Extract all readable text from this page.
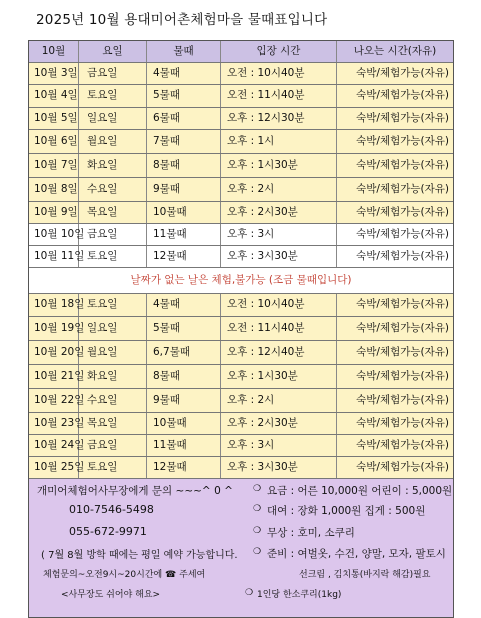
2025년 10월 용대미어촌체험마을 물때표입니다
10월	요일	물때	입장 시간	나오는 시간(자유)
10월 3일 금요일	4물때	오전 : 10시40분	숙박/체험가능(자유)
10월 4일 토요일	5물때	오전 : 11시40분	숙박/체험가능(자유)
10월 5일 일요일	6물때	오후 : 12시30분	숙박/체험가능(자유)
10월 6일 월요일	7물때	오후 : 1시	숙박/체험가능(자유)
10월 7일 화요일	8물때	오후 : 1시30분	숙박/체험가능(자유)
10월 8일 수요일	9물때	오후 : 2시	숙박/체험가능(자유)
10월 9일 목요일	10물때	오후 : 2시30분	숙박/체험가능(자유)
10월 10일 금요일	11물때	오후 : 3시	숙박/체험가능(자유)
10월 11일 토요일	12물때	오후 : 3시30분	숙박/체험가능(자유)
날짜가 없는 날은 체험,불가능 (조금 물때입니다)
10월 18일 토요일	4물때	오전 : 10시40분	숙박/체험가능(자유)
10월 19일 일요일	5물때	오전 : 11시40분	숙박/체험가능(자유)
10월 20일 월요일	6,7물때	오후 : 12시40분	숙박/체험가능(자유)
10월 21일 화요일	8물때	오후 : 1시30분	숙박/체험가능(자유)
10월 22일 수요일	9물때	오후 : 2시	숙박/체험가능(자유)
10월 23일 목요일	10물때	오후 : 2시30분	숙박/체험가능(자유)
10월 24일 금요일	11물때	오후 : 3시	숙박/체험가능(자유)
10월 25일 토요일	12물때	오후 : 3시30분	숙박/체험가능(자유)
개미어체험어사무장에게 문의 ~~~^ 0 ^
010-7546-5498
055-672-9971
( 7월 8월 방학 때에는 평일 예약 가능합니다.
체험문의~오전9시~20시간에 ☎ 주세여
<사무장도 쉬어야 해요>
❍ 요금 : 어른 10,000원 어린이 : 5,000원
❍ 대여 : 장화 1,000원 집게 : 500원
❍ 무상 : 호미, 소쿠리
❍ 준비 : 여벌옷, 수건, 양말, 모자, 팔토시
선크림 , 김치통(바지락 해감)필요
❍ 1인당 한소쿠리(1kg)
